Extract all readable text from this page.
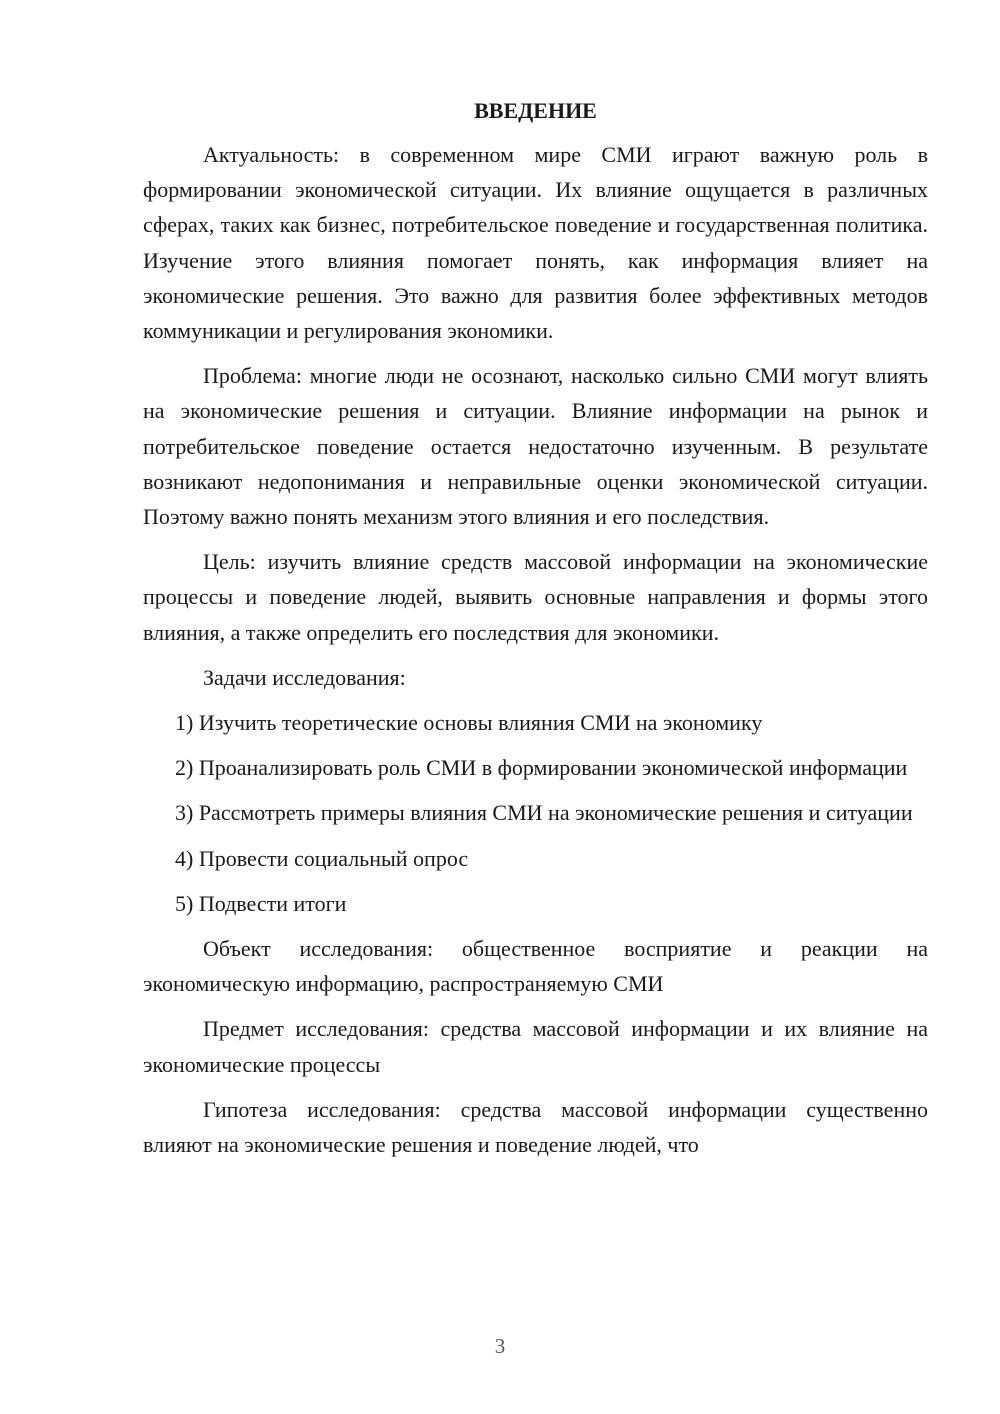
ВВЕДЕНИЕ

Актуальность: в современном мире СМИ играют важную роль в формировании экономической ситуации. Их влияние ощущается в различных сферах, таких как бизнес, потребительское поведение и государственная политика. Изучение этого влияния помогает понять, как информация влияет на экономические решения. Это важно для развития более эффективных методов коммуникации и регулирования экономики.

Проблема: многие люди не осознают, насколько сильно СМИ могут влиять на экономические решения и ситуации. Влияние информации на рынок и потребительское поведение остается недостаточно изученным. В результате возникают недопонимания и неправильные оценки экономической ситуации. Поэтому важно понять механизм этого влияния и его последствия.

Цель: изучить влияние средств массовой информации на экономические процессы и поведение людей, выявить основные направления и формы этого влияния, а также определить его последствия для экономики.

Задачи исследования:

1) Изучить теоретические основы влияния СМИ на экономику

2) Проанализировать роль СМИ в формировании экономической информации

3) Рассмотреть примеры влияния СМИ на экономические решения и ситуации

4) Провести социальный опрос

5) Подвести итоги

Объект исследования: общественное восприятие и реакции на экономическую информацию, распространяемую СМИ

Предмет исследования: средства массовой информации и их влияние на экономические процессы

Гипотеза исследования: средства массовой информации существенно влияют на экономические решения и поведение людей, что

3
